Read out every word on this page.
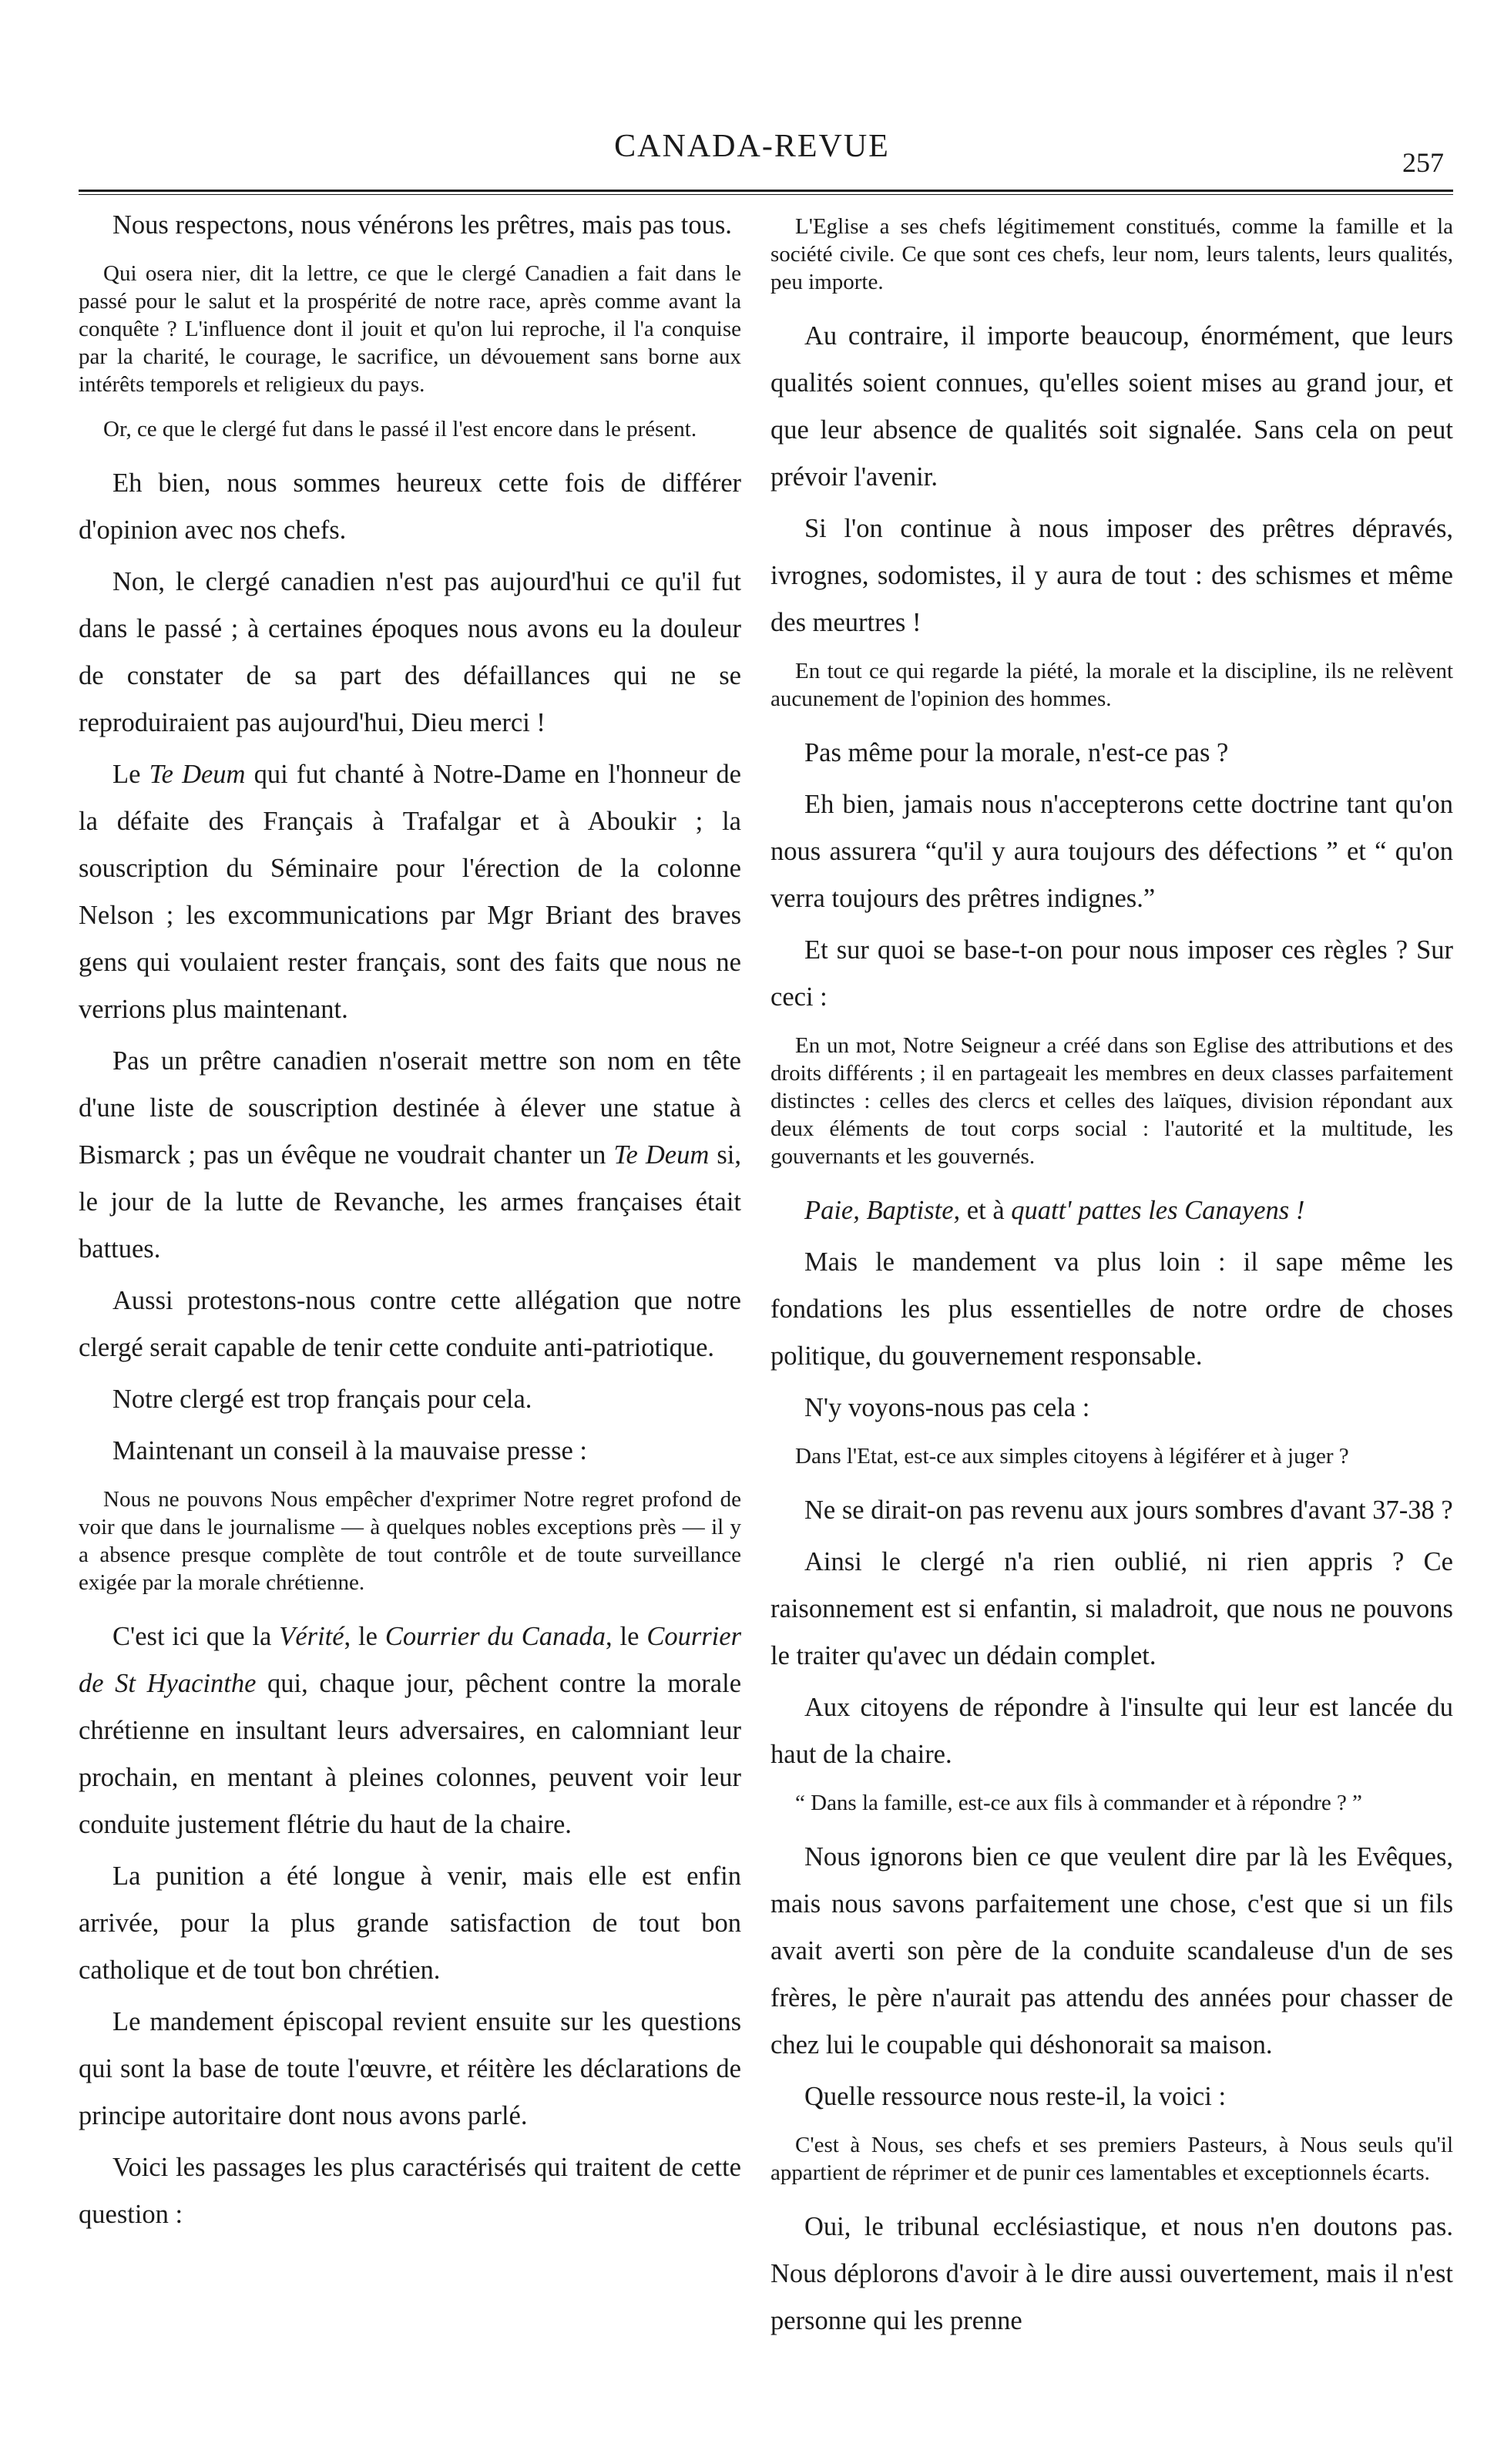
CANADA-REVUE	257

Nous respectons, nous vénérons les prêtres, mais pas tous.

Qui osera nier, dit la lettre, ce que le clergé Canadien a fait dans le passé pour le salut et la prospérité de notre race, après comme avant la conquête ? L'influence dont il jouit et qu'on lui reproche, il l'a conquise par la charité, le courage, le sacrifice, un dévouement sans borne aux intérêts temporels et religieux du pays.

Or, ce que le clergé fut dans le passé il l'est encore dans le présent.

Eh bien, nous sommes heureux cette fois de différer d'opinion avec nos chefs.

Non, le clergé canadien n'est pas aujourd'hui ce qu'il fut dans le passé ; à certaines époques nous avons eu la douleur de constater de sa part des défaillances qui ne se reproduiraient pas aujourd'hui, Dieu merci !

Le Te Deum qui fut chanté à Notre-Dame en l'honneur de la défaite des Français à Trafalgar et à Aboukir ; la souscription du Séminaire pour l'érection de la colonne Nelson ; les excommunications par Mgr Briant des braves gens qui voulaient rester français, sont des faits que nous ne verrions plus maintenant.

Pas un prêtre canadien n'oserait mettre son nom en tête d'une liste de souscription destinée à élever une statue à Bismarck ; pas un évêque ne voudrait chanter un Te Deum si, le jour de la lutte de Revanche, les armes françaises était battues.

Aussi protestons-nous contre cette allégation que notre clergé serait capable de tenir cette conduite anti-patriotique.

Notre clergé est trop français pour cela.

Maintenant un conseil à la mauvaise presse :

Nous ne pouvons Nous empêcher d'exprimer Notre regret profond de voir que dans le journalisme — à quelques nobles exceptions près — il y a absence presque complète de tout contrôle et de toute surveillance exigée par la morale chrétienne.

C'est ici que la Vérité, le Courrier du Canada, le Courrier de St Hyacinthe qui, chaque jour, pêchent contre la morale chrétienne en insultant leurs adversaires, en calomniant leur prochain, en mentant à pleines colonnes, peuvent voir leur conduite justement flétrie du haut de la chaire.

La punition a été longue à venir, mais elle est enfin arrivée, pour la plus grande satisfaction de tout bon catholique et de tout bon chrétien.

Le mandement épiscopal revient ensuite sur les questions qui sont la base de toute l'œuvre, et réitère les déclarations de principe autoritaire dont nous avons parlé.

Voici les passages les plus caractérisés qui traitent de cette question :

L'Eglise a ses chefs légitimement constitués, comme la famille et la société civile. Ce que sont ces chefs, leur nom, leurs talents, leurs qualités, peu importe.

Au contraire, il importe beaucoup, énormément, que leurs qualités soient connues, qu'elles soient mises au grand jour, et que leur absence de qualités soit signalée. Sans cela on peut prévoir l'avenir.

Si l'on continue à nous imposer des prêtres dépravés, ivrognes, sodomistes, il y aura de tout : des schismes et même des meurtres !

En tout ce qui regarde la piété, la morale et la discipline, ils ne relèvent aucunement de l'opinion des hommes.

Pas même pour la morale, n'est-ce pas ?

Eh bien, jamais nous n'accepterons cette doctrine tant qu'on nous assurera “qu'il y aura toujours des défections ” et “ qu'on verra toujours des prêtres indignes.”

Et sur quoi se base-t-on pour nous imposer ces règles ? Sur ceci :

En un mot, Notre Seigneur a créé dans son Eglise des attributions et des droits différents ; il en partageait les membres en deux classes parfaitement distinctes : celles des clercs et celles des laïques, division répondant aux deux éléments de tout corps social : l'autorité et la multitude, les gouvernants et les gouvernés.

Paie, Baptiste, et à quatt' pattes les Canayens !

Mais le mandement va plus loin : il sape même les fondations les plus essentielles de notre ordre de choses politique, du gouvernement responsable.

N'y voyons-nous pas cela :

Dans l'Etat, est-ce aux simples citoyens à légiférer et à juger ?

Ne se dirait-on pas revenu aux jours sombres d'avant 37-38 ?

Ainsi le clergé n'a rien oublié, ni rien appris ? Ce raisonnement est si enfantin, si maladroit, que nous ne pouvons le traiter qu'avec un dédain complet.

Aux citoyens de répondre à l'insulte qui leur est lancée du haut de la chaire.

“ Dans la famille, est-ce aux fils à commander et à répondre ? ”

Nous ignorons bien ce que veulent dire par là les Evêques, mais nous savons parfaitement une chose, c'est que si un fils avait averti son père de la conduite scandaleuse d'un de ses frères, le père n'aurait pas attendu des années pour chasser de chez lui le coupable qui déshonorait sa maison.

Quelle ressource nous reste-il, la voici :

C'est à Nous, ses chefs et ses premiers Pasteurs, à Nous seuls qu'il appartient de réprimer et de punir ces lamentables et exceptionnels écarts.

Oui, le tribunal ecclésiastique, et nous n'en doutons pas. Nous déplorons d'avoir à le dire aussi ouvertement, mais il n'est personne qui les prenne
